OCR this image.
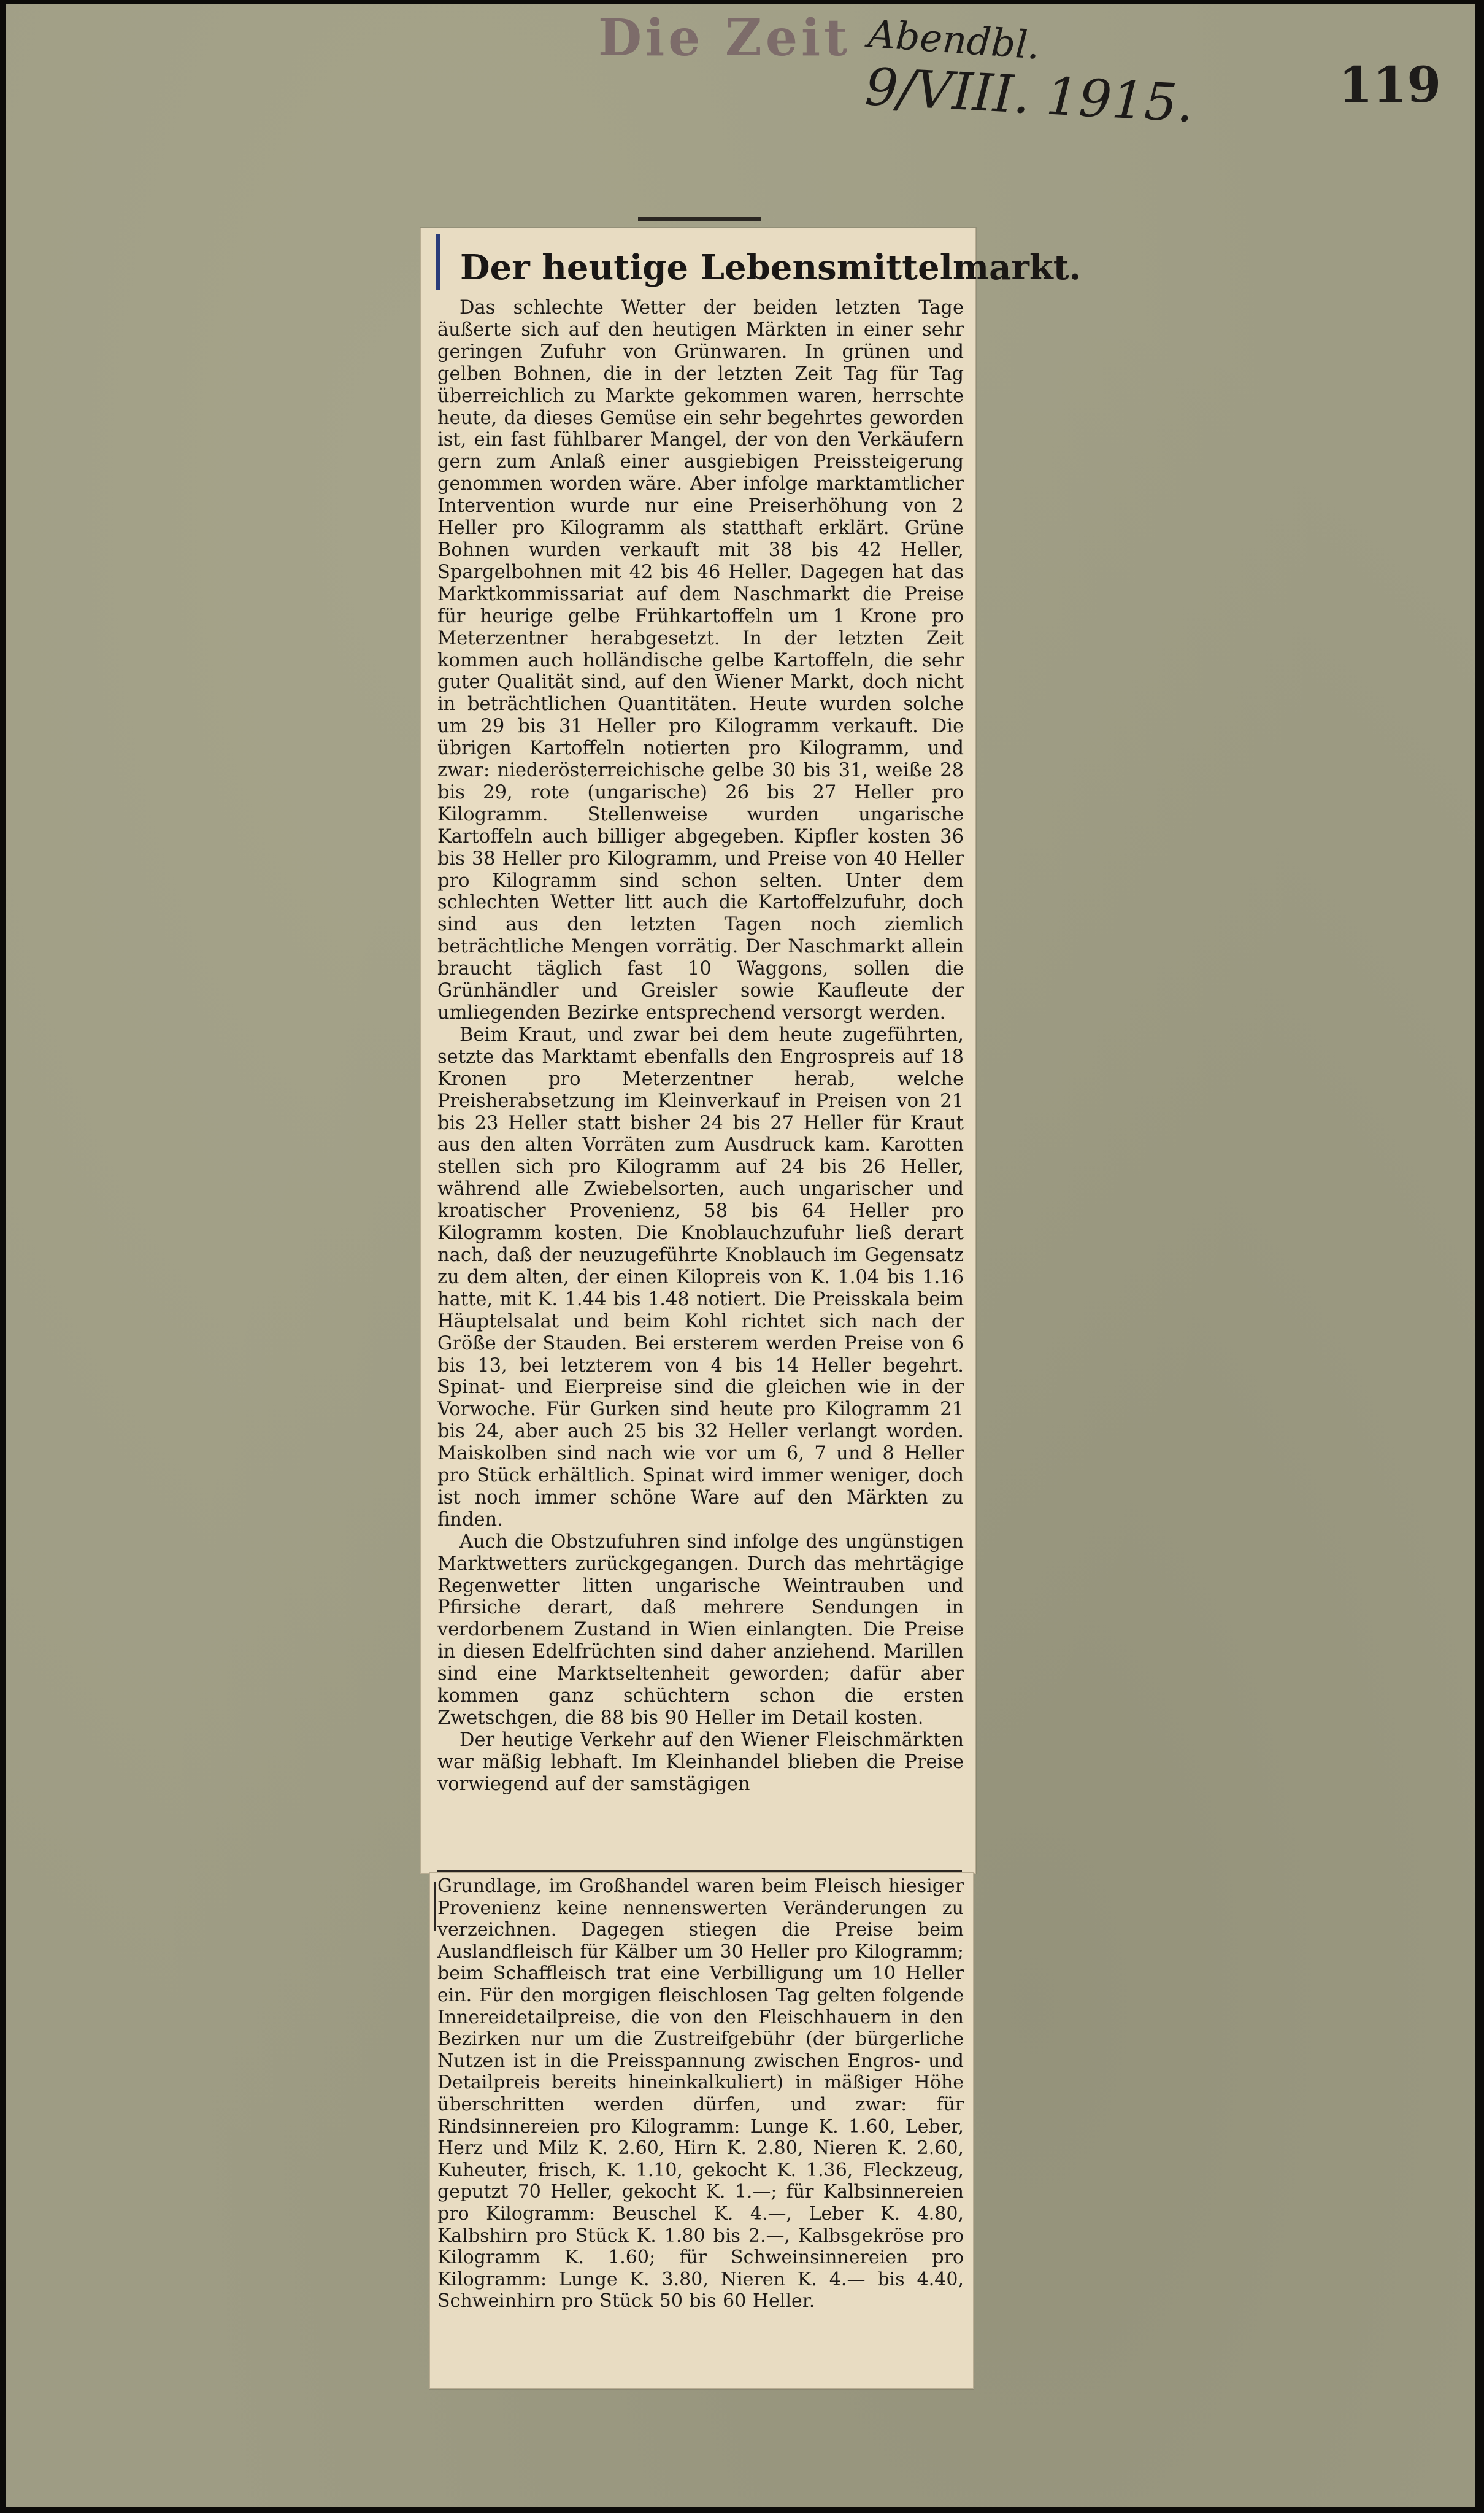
Die Zeit Abendbl.
9/VIII. 1915.	119
Der heutige Lebensmittelmarkt.

Das schlechte Wetter der beiden letzten Tage äußerte sich auf den heutigen Märkten in einer sehr geringen Zufuhr von Grünwaren. In grünen und gelben Bohnen, die in der letzten Zeit Tag für Tag überreichlich zu Markte gekommen waren, herrschte heute, da dieses Gemüse ein sehr begehrtes geworden ist, ein fast fühlbarer Mangel, der von den Verkäufern gern zum Anlaß einer ausgiebigen Preissteigerung genommen worden wäre. Aber infolge marktamtlicher Intervention wurde nur eine Preiserhöhung von 2 Heller pro Kilogramm als statthaft erklärt. Grüne Bohnen wurden verkauft mit 38 bis 42 Heller, Spargelbohnen mit 42 bis 46 Heller. Dagegen hat das Marktkommissariat auf dem Naschmarkt die Preise für heurige gelbe Frühkartoffeln um 1 Krone pro Meterzentner herabgesetzt. In der letzten Zeit kommen auch holländische gelbe Kartoffeln, die sehr guter Qualität sind, auf den Wiener Markt, doch nicht in beträchtlichen Quantitäten. Heute wurden solche um 29 bis 31 Heller pro Kilogramm verkauft. Die übrigen Kartoffeln notierten pro Kilogramm, und zwar: niederösterreichische gelbe 30 bis 31, weiße 28 bis 29, rote (ungarische) 26 bis 27 Heller pro Kilogramm. Stellenweise wurden ungarische Kartoffeln auch billiger abgegeben. Kipfler kosten 36 bis 38 Heller pro Kilogramm, und Preise von 40 Heller pro Kilogramm sind schon selten. Unter dem schlechten Wetter litt auch die Kartoffelzufuhr, doch sind aus den letzten Tagen noch ziemlich beträchtliche Mengen vorrätig. Der Naschmarkt allein braucht täglich fast 10 Waggons, sollen die Grünhändler und Greisler sowie Kaufleute der umliegenden Bezirke entsprechend versorgt werden.

Beim Kraut, und zwar bei dem heute zugeführten, setzte das Marktamt ebenfalls den Engrospreis auf 18 Kronen pro Meterzentner herab, welche Preisherabsetzung im Kleinverkauf in Preisen von 21 bis 23 Heller statt bisher 24 bis 27 Heller für Kraut aus den alten Vorräten zum Ausdruck kam. Karotten stellen sich pro Kilogramm auf 24 bis 26 Heller, während alle Zwiebelsorten, auch ungarischer und kroatischer Provenienz, 58 bis 64 Heller pro Kilogramm kosten. Die Knoblauchzufuhr ließ derart nach, daß der neuzugeführte Knoblauch im Gegensatz zu dem alten, der einen Kilopreis von K. 1.04 bis 1.16 hatte, mit K. 1.44 bis 1.48 notiert. Die Preisskala beim Häuptelsalat und beim Kohl richtet sich nach der Größe der Stauden. Bei ersterem werden Preise von 6 bis 13, bei letzterem von 4 bis 14 Heller begehrt. Spinat- und Eierpreise sind die gleichen wie in der Vorwoche. Für Gurken sind heute pro Kilogramm 21 bis 24, aber auch 25 bis 32 Heller verlangt worden. Maiskolben sind nach wie vor um 6, 7 und 8 Heller pro Stück erhältlich. Spinat wird immer weniger, doch ist noch immer schöne Ware auf den Märkten zu finden.

Auch die Obstzufuhren sind infolge des ungünstigen Marktwetters zurückgegangen. Durch das mehrtägige Regenwetter litten ungarische Weintrauben und Pfirsiche derart, daß mehrere Sendungen in verdorbenem Zustand in Wien einlangten. Die Preise in diesen Edelfrüchten sind daher anziehend. Marillen sind eine Marktseltenheit geworden; dafür aber kommen ganz schüchtern schon die ersten Zwetschgen, die 88 bis 90 Heller im Detail kosten.

Der heutige Verkehr auf den Wiener Fleischmärkten war mäßig lebhaft. Im Kleinhandel blieben die Preise vorwiegend auf der samstägigen

Grundlage, im Großhandel waren beim Fleisch hiesiger Provenienz keine nennenswerten Veränderungen zu verzeichnen. Dagegen stiegen die Preise beim Auslandfleisch für Kälber um 30 Heller pro Kilogramm; beim Schaffleisch trat eine Verbilligung um 10 Heller ein. Für den morgigen fleischlosen Tag gelten folgende Innereidetailpreise, die von den Fleischhauern in den Bezirken nur um die Zustreifgebühr (der bürgerliche Nutzen ist in die Preisspannung zwischen Engros- und Detailpreis bereits hineinkalkuliert) in mäßiger Höhe überschritten werden dürfen, und zwar: für Rindsinnereien pro Kilogramm: Lunge K. 1.60, Leber, Herz und Milz K. 2.60, Hirn K. 2.80, Nieren K. 2.60, Kuheuter, frisch, K. 1.10, gekocht K. 1.36, Fleckzeug, geputzt 70 Heller, gekocht K. 1.—; für Kalbsinnereien pro Kilogramm: Beuschel K. 4.—, Leber K. 4.80, Kalbshirn pro Stück K. 1.80 bis 2.—, Kalbsgekröse pro Kilogramm K. 1.60; für Schweinsinnereien pro Kilogramm: Lunge K. 3.80, Nieren K. 4.— bis 4.40, Schweinhirn pro Stück 50 bis 60 Heller.
